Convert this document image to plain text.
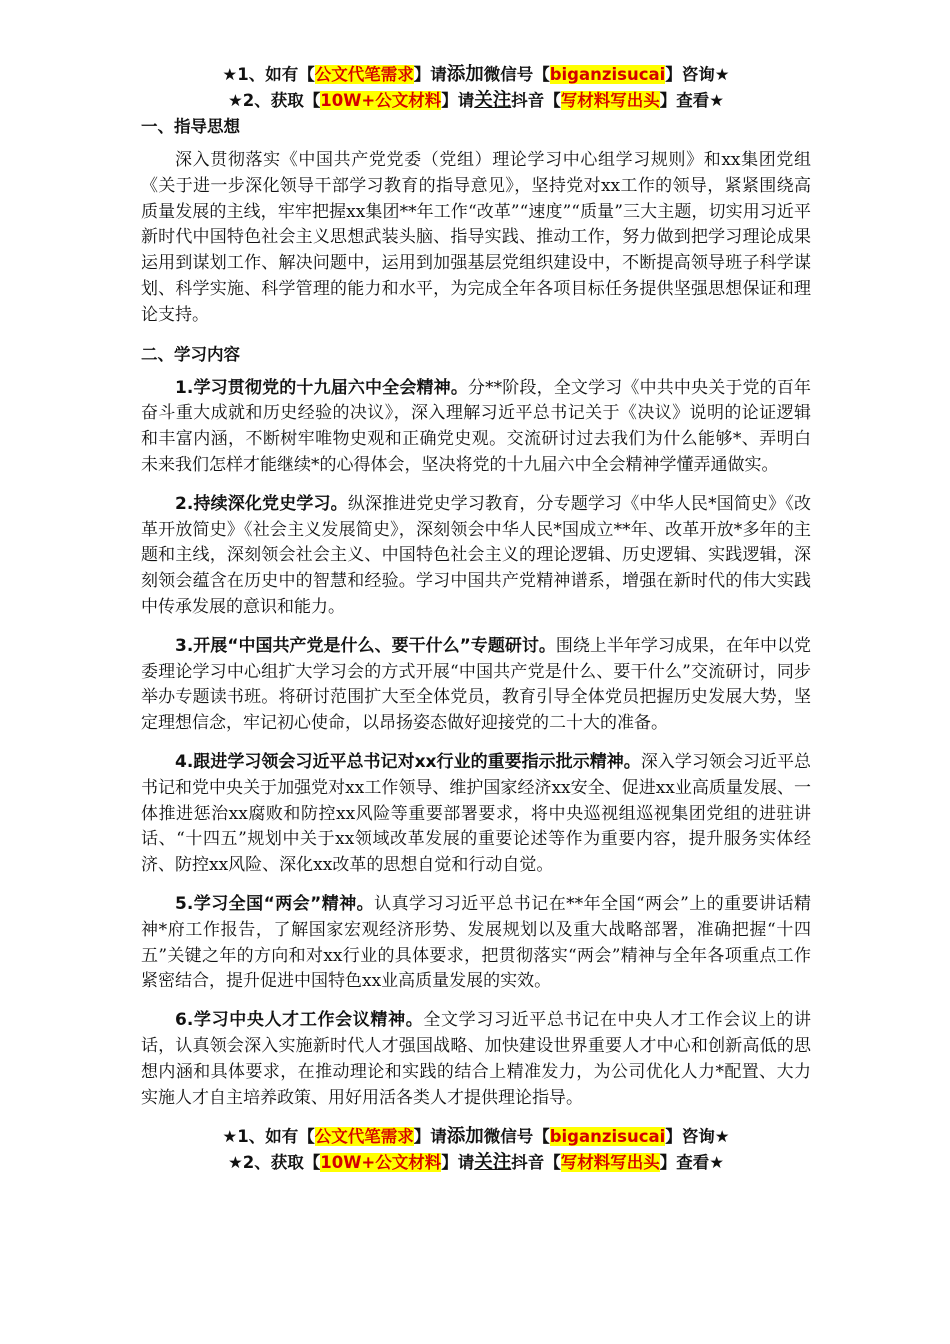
★1、如有【公文代笔需求】请添加微信号【biganzisucai】咨询★
★2、获取【10W+公文材料】请关注抖音【写材料写出头】查看★
一、指导思想

深入贯彻落实《中国共产党党委（党组）理论学习中心组学习规则》和xx集团党组《关于进一步深化领导干部学习教育的指导意见》，坚持党对xx工作的领导，紧紧围绕高质量发展的主线，牢牢把握xx集团**年工作“改革”“速度”“质量”三大主题，切实用习近平新时代中国特色社会主义思想武装头脑、指导实践、推动工作，努力做到把学习理论成果运用到谋划工作、解决问题中，运用到加强基层党组织建设中，不断提高领导班子科学谋划、科学实施、科学管理的能力和水平，为完成全年各项目标任务提供坚强思想保证和理论支持。

二、学习内容

1.学习贯彻党的十九届六中全会精神。分**阶段，全文学习《中共中央关于党的百年奋斗重大成就和历史经验的决议》，深入理解习近平总书记关于《决议》说明的论证逻辑和丰富内涵，不断树牢唯物史观和正确党史观。交流研讨过去我们为什么能够*、弄明白未来我们怎样才能继续*的心得体会，坚决将党的十九届六中全会精神学懂弄通做实。

2.持续深化党史学习。纵深推进党史学习教育，分专题学习《中华人民*国简史》《改革开放简史》《社会主义发展简史》，深刻领会中华人民*国成立**年、改革开放*多年的主题和主线，深刻领会社会主义、中国特色社会主义的理论逻辑、历史逻辑、实践逻辑，深刻领会蕴含在历史中的智慧和经验。学习中国共产党精神谱系，增强在新时代的伟大实践中传承发展的意识和能力。

3.开展“中国共产党是什么、要干什么”专题研讨。围绕上半年学习成果，在年中以党委理论学习中心组扩大学习会的方式开展“中国共产党是什么、要干什么”交流研讨，同步举办专题读书班。将研讨范围扩大至全体党员，教育引导全体党员把握历史发展大势，坚定理想信念，牢记初心使命，以昂扬姿态做好迎接党的二十大的准备。

4.跟进学习领会习近平总书记对xx行业的重要指示批示精神。深入学习领会习近平总书记和党中央关于加强党对xx工作领导、维护国家经济xx安全、促进xx业高质量发展、一体推进惩治xx腐败和防控xx风险等重要部署要求，将中央巡视组巡视集团党组的进驻讲话、“十四五”规划中关于xx领域改革发展的重要论述等作为重要内容，提升服务实体经济、防控xx风险、深化xx改革的思想自觉和行动自觉。

5.学习全国“两会”精神。认真学习习近平总书记在**年全国“两会”上的重要讲话精神*府工作报告，了解国家宏观经济形势、发展规划以及重大战略部署，准确把握“十四五”关键之年的方向和对xx行业的具体要求，把贯彻落实“两会”精神与全年各项重点工作紧密结合，提升促进中国特色xx业高质量发展的实效。

6.学习中央人才工作会议精神。全文学习习近平总书记在中央人才工作会议上的讲话，认真领会深入实施新时代人才强国战略、加快建设世界重要人才中心和创新高低的思想内涵和具体要求，在推动理论和实践的结合上精准发力，为公司优化人力*配置、大力实施人才自主培养政策、用好用活各类人才提供理论指导。

★1、如有【公文代笔需求】请添加微信号【biganzisucai】咨询★
★2、获取【10W+公文材料】请关注抖音【写材料写出头】查看★
